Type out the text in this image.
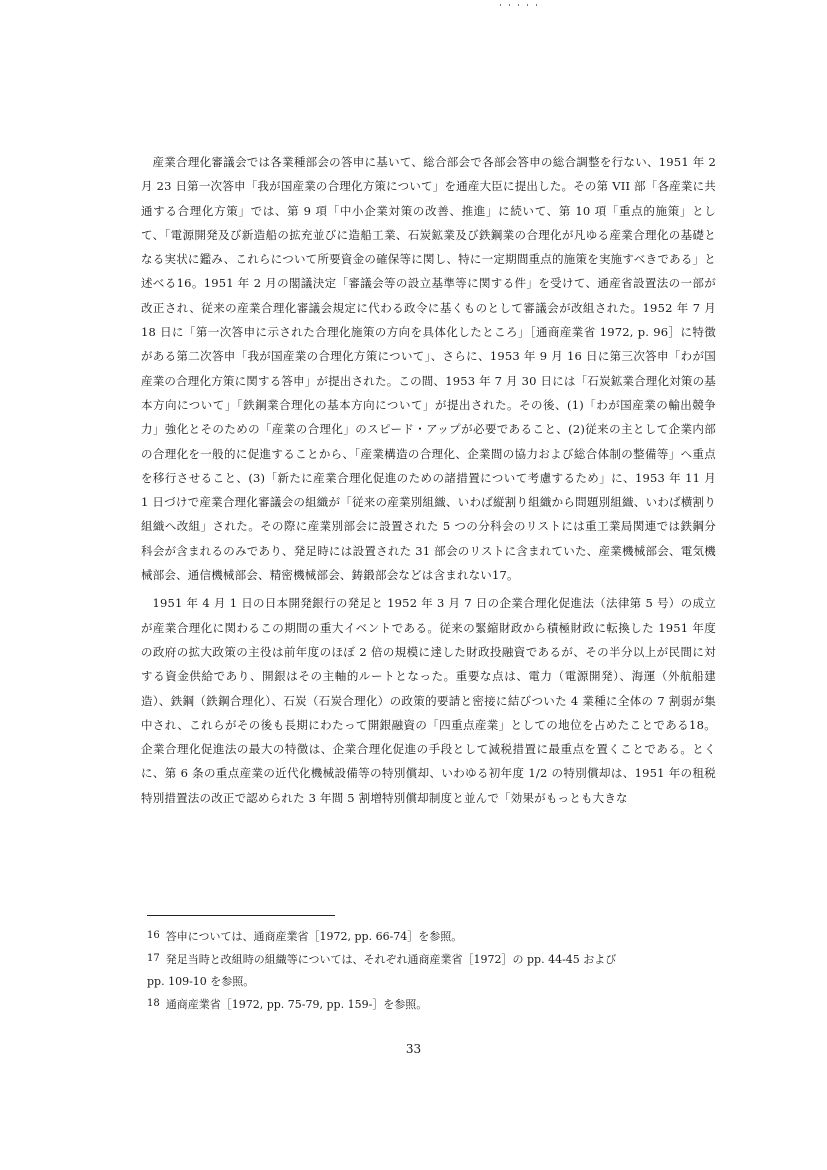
産業合理化審議会では各業種部会の答申に基いて、総合部会で各部会答申の総合調整を行ない、1951 年 2 月 23 日第一次答申「我が国産業の合理化方策について」を通産大臣に提出した。その第 VII 部「各産業に共通する合理化方策」では、第 9 項「中小企業対策の改善、推進」に続いて、第 10 項「重点的施策」として、「電源開発及び新造船の拡充並びに造船工業、石炭鉱業及び鉄鋼業の合理化が凡ゆる産業合理化の基礎となる実状に鑑み、これらについて所要資金の確保等に関し、特に一定期間重点的施策を実施すべきである」と述べる16。1951 年 2 月の閣議決定「審議会等の設立基準等に関する件」を受けて、通産省設置法の一部が改正され、従来の産業合理化審議会規定に代わる政令に基くものとして審議会が改組された。1952 年 7 月 18 日に「第一次答申に示された合理化施策の方向を具体化したところ」［通商産業省 1972, p. 96］に特徴がある第二次答申「我が国産業の合理化方策について」、さらに、1953 年 9 月 16 日に第三次答申「わが国産業の合理化方策に関する答申」が提出された。この間、1953 年 7 月 30 日には「石炭鉱業合理化対策の基本方向について」「鉄鋼業合理化の基本方向について」が提出された。その後、(1)「わが国産業の輸出競争力」強化とそのための「産業の合理化」のスピード・アップが必要であること、(2)従来の主として企業内部の合理化を一般的に促進することから、「産業構造の合理化、企業間の協力および総合体制の整備等」へ重点を移行させること、(3)「新たに産業合理化促進のための諸措置について考慮するため」に、1953 年 11 月 1 日づけで産業合理化審議会の組織が「従来の産業別組織、いわば縦割り組織から問題別組織、いわば横割り組織へ改組」された。その際に産業別部会に設置された 5 つの分科会のリストには重工業局関連では鉄鋼分科会が含まれるのみであり、発足時には設置された 31 部会のリストに含まれていた、産業機械部会、電気機械部会、通信機械部会、精密機械部会、鋳鍛部会などは含まれない17。

1951 年 4 月 1 日の日本開発銀行の発足と 1952 年 3 月 7 日の企業合理化促進法（法律第 5 号）の成立が産業合理化に関わるこの期間の重大イベントである。従来の緊縮財政から積極財政に転換した 1951 年度の政府の拡大政策の主役は前年度のほぼ 2 倍の規模に達した財政投融資であるが、その半分以上が民間に対する資金供給であり、開銀はその主軸的ルートとなった。重要な点は、電力（電源開発）、海運（外航船建造）、鉄鋼（鉄鋼合理化）、石炭（石炭合理化）の政策的要請と密接に結びついた 4 業種に全体の 7 割弱が集中され、これらがその後も長期にわたって開銀融資の「四重点産業」としての地位を占めたことである18。企業合理化促進法の最大の特徴は、企業合理化促進の手段として減税措置に最重点を置くことである。とくに、第 6 条の重点産業の近代化機械設備等の特別償却、いわゆる初年度 1/2 の特別償却は、1951 年の租税特別措置法の改正で認められた 3 年間 5 割増特別償却制度と並んで「効果がもっとも大きな

16 答申については、通商産業省［1972, pp. 66-74］を参照。

17 発足当時と改組時の組織等については、それぞれ通商産業省［1972］の pp. 44-45 および
pp. 109-10 を参照。

18 通商産業省［1972, pp. 75-79, pp. 159-］を参照。

33
